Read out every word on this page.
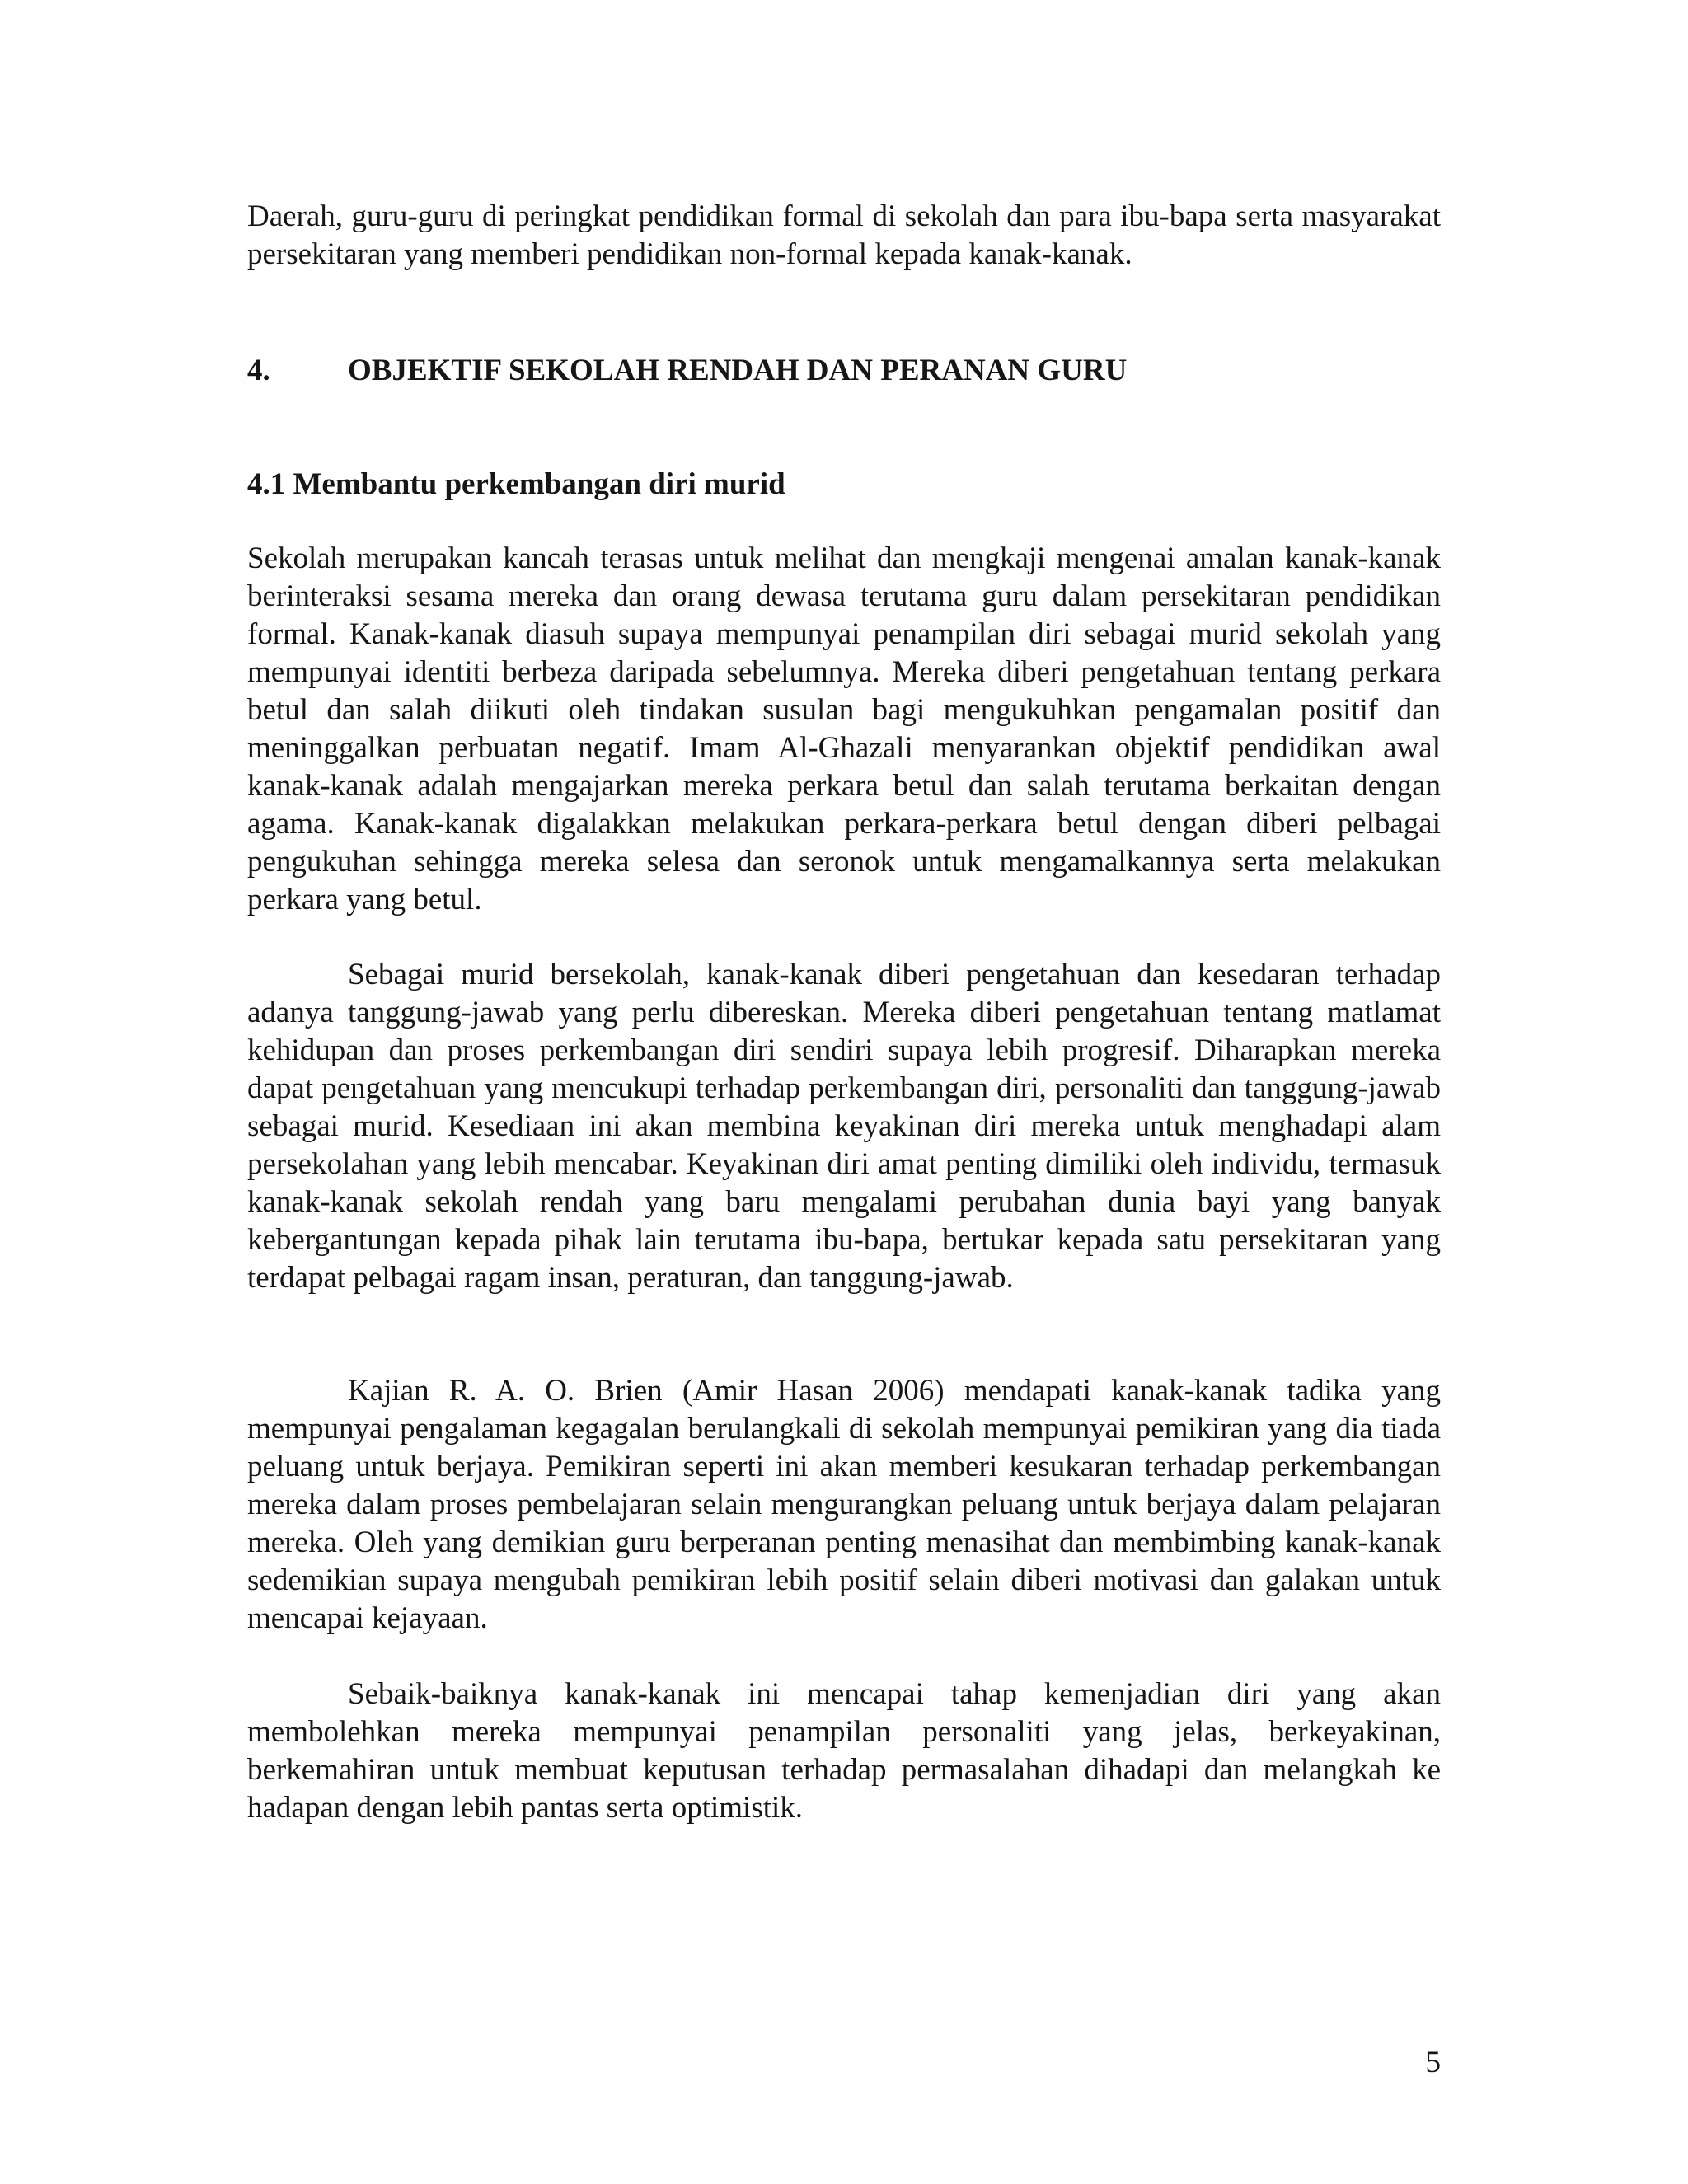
Daerah, guru-guru di peringkat pendidikan formal di sekolah dan para ibu-bapa serta masyarakat persekitaran yang memberi pendidikan non-formal kepada kanak-kanak.

4.	OBJEKTIF SEKOLAH RENDAH DAN PERANAN GURU
4.1 Membantu perkembangan diri murid

Sekolah merupakan kancah terasas untuk melihat dan mengkaji mengenai amalan kanak-kanak berinteraksi sesama mereka dan orang dewasa terutama guru dalam persekitaran pendidikan formal. Kanak-kanak diasuh supaya mempunyai penampilan diri sebagai murid sekolah yang mempunyai identiti berbeza daripada sebelumnya. Mereka diberi pengetahuan tentang perkara betul dan salah diikuti oleh tindakan susulan bagi mengukuhkan pengamalan positif dan meninggalkan perbuatan negatif. Imam Al-Ghazali menyarankan objektif pendidikan awal kanak-kanak adalah mengajarkan mereka perkara betul dan salah terutama berkaitan dengan agama. Kanak-kanak digalakkan melakukan perkara-perkara betul dengan diberi pelbagai pengukuhan sehingga mereka selesa dan seronok untuk mengamalkannya serta melakukan perkara yang betul.

Sebagai murid bersekolah, kanak-kanak diberi pengetahuan dan kesedaran terhadap adanya tanggung-jawab yang perlu dibereskan. Mereka diberi pengetahuan tentang matlamat kehidupan dan proses perkembangan diri sendiri supaya lebih progresif. Diharapkan mereka dapat pengetahuan yang mencukupi terhadap perkembangan diri, personaliti dan tanggung-jawab sebagai murid. Kesediaan ini akan membina keyakinan diri mereka untuk menghadapi alam persekolahan yang lebih mencabar. Keyakinan diri amat penting dimiliki oleh individu, termasuk kanak-kanak sekolah rendah yang baru mengalami perubahan dunia bayi yang banyak kebergantungan kepada pihak lain terutama ibu-bapa, bertukar kepada satu persekitaran yang terdapat pelbagai ragam insan, peraturan, dan tanggung-jawab.

Kajian R. A. O. Brien (Amir Hasan 2006) mendapati kanak-kanak tadika yang mempunyai pengalaman kegagalan berulangkali di sekolah mempunyai pemikiran yang dia tiada peluang untuk berjaya. Pemikiran seperti ini akan memberi kesukaran terhadap perkembangan mereka dalam proses pembelajaran selain mengurangkan peluang untuk berjaya dalam pelajaran mereka. Oleh yang demikian guru berperanan penting menasihat dan membimbing kanak-kanak sedemikian supaya mengubah pemikiran lebih positif selain diberi motivasi dan galakan untuk mencapai kejayaan.

Sebaik-baiknya kanak-kanak ini mencapai tahap kemenjadian diri yang akan membolehkan mereka mempunyai penampilan personaliti yang jelas, berkeyakinan, berkemahiran untuk membuat keputusan terhadap permasalahan dihadapi dan melangkah ke hadapan dengan lebih pantas serta optimistik.

5
